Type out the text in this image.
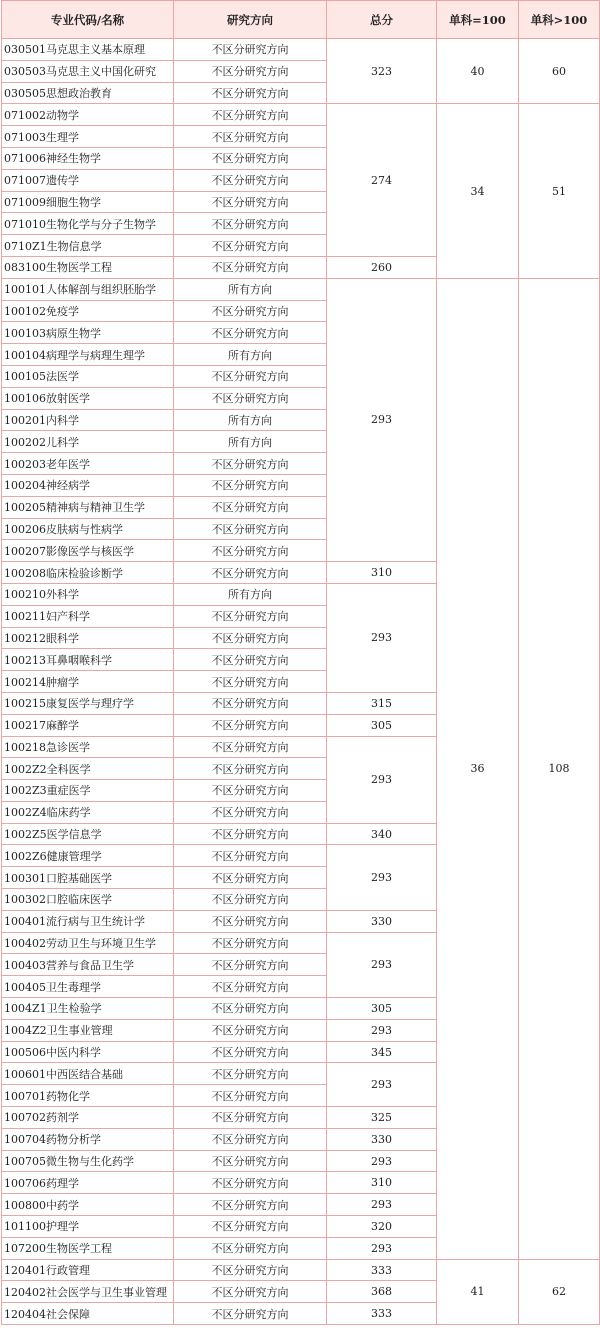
专业代码/名称	研究方向	总分	单科=100	单科>100
030501马克思主义基本原理	不区分研究方向	323	40	60
030503马克思主义中国化研究	不区分研究方向			
030505思想政治教育	不区分研究方向			
071002动物学	不区分研究方向	274	34	51
071003生理学	不区分研究方向			
071006神经生物学	不区分研究方向			
071007遗传学	不区分研究方向			
071009细胞生物学	不区分研究方向			
071010生物化学与分子生物学	不区分研究方向			
0710Z1生物信息学	不区分研究方向			
083100生物医学工程	不区分研究方向	260		
100101人体解剖与组织胚胎学	所有方向	293	36	108
100102免疫学	不区分研究方向			
100103病原生物学	不区分研究方向			
100104病理学与病理生理学	所有方向			
100105法医学	不区分研究方向			
100106放射医学	不区分研究方向			
100201内科学	所有方向			
100202儿科学	所有方向			
100203老年医学	不区分研究方向			
100204神经病学	不区分研究方向			
100205精神病与精神卫生学	不区分研究方向			
100206皮肤病与性病学	不区分研究方向			
100207影像医学与核医学	不区分研究方向			
100208临床检验诊断学	不区分研究方向	310		
100210外科学	所有方向	293		
100211妇产科学	不区分研究方向			
100212眼科学	不区分研究方向			
100213耳鼻咽喉科学	不区分研究方向			
100214肿瘤学	不区分研究方向			
100215康复医学与理疗学	不区分研究方向	315		
100217麻醉学	不区分研究方向	305		
100218急诊医学	不区分研究方向	293		
1002Z2全科医学	不区分研究方向			
1002Z3重症医学	不区分研究方向			
1002Z4临床药学	不区分研究方向			
1002Z5医学信息学	不区分研究方向	340		
1002Z6健康管理学	不区分研究方向	293		
100301口腔基础医学	不区分研究方向			
100302口腔临床医学	不区分研究方向			
100401流行病与卫生统计学	不区分研究方向	330		
100402劳动卫生与环境卫生学	不区分研究方向	293		
100403营养与食品卫生学	不区分研究方向			
100405卫生毒理学	不区分研究方向			
1004Z1卫生检验学	不区分研究方向	305		
1004Z2卫生事业管理	不区分研究方向	293		
100506中医内科学	不区分研究方向	345		
100601中西医结合基础	不区分研究方向	293		
100701药物化学	不区分研究方向			
100702药剂学	不区分研究方向	325		
100704药物分析学	不区分研究方向	330		
100705微生物与生化药学	不区分研究方向	293		
100706药理学	不区分研究方向	310		
100800中药学	不区分研究方向	293		
101100护理学	不区分研究方向	320		
107200生物医学工程	不区分研究方向	293		
120401行政管理	不区分研究方向	333	41	62
120402社会医学与卫生事业管理	不区分研究方向	368		
120404社会保障	不区分研究方向	333		
